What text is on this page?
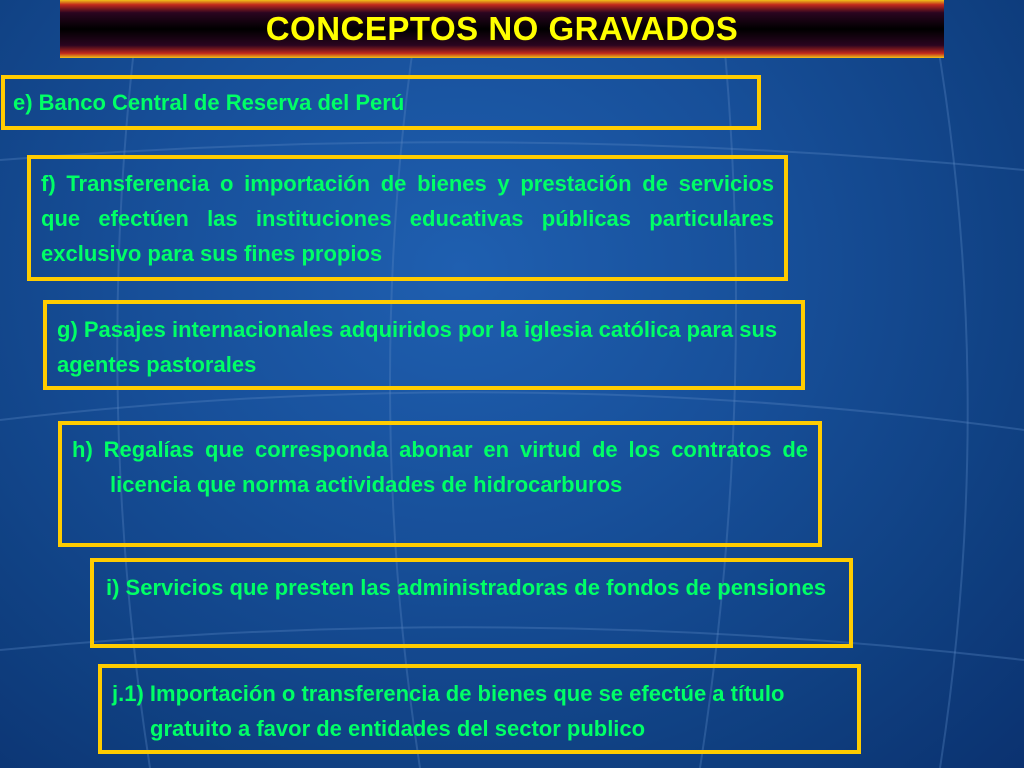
CONCEPTOS NO GRAVADOS

e) Banco Central de Reserva del Perú

f) Transferencia o importación de bienes y prestación de servicios que efectúen las instituciones educativas públicas particulares exclusivo para sus fines propios

g) Pasajes internacionales adquiridos por la iglesia católica para sus agentes pastorales

h) Regalías que corresponda abonar en virtud de los contratos de licencia que norma actividades de hidrocarburos

i) Servicios que presten las administradoras de fondos de pensiones

j.1) Importación o transferencia de bienes que se efectúe a título gratuito a favor de entidades del sector publico
